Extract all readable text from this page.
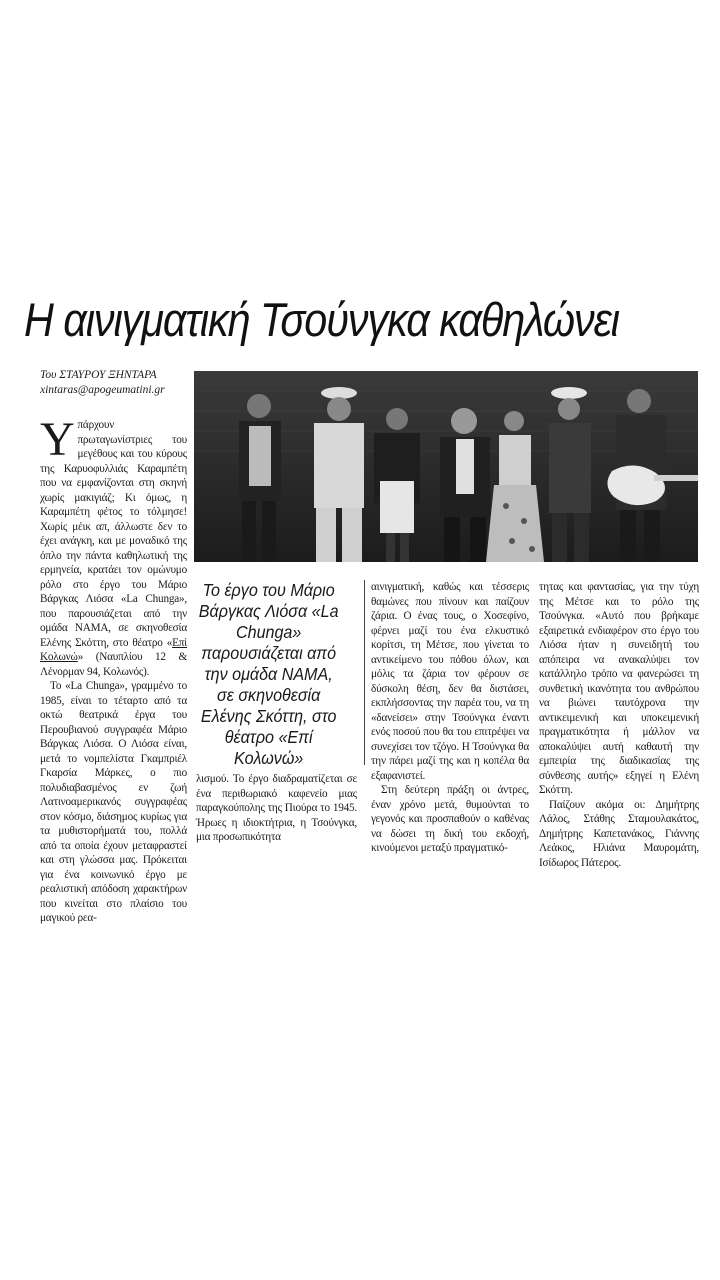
Η αινιγματική Τσούνγκα καθηλώνει
Του ΣΤΑΥΡΟΥ ΞΗΝΤΑΡΑ
xintaras@apogeumatini.gr

Υπάρχουν πρωταγωνίστριες του μεγέθους και του κύρους της Καρυοφυλλιάς Καραμπέτη που να εμφανίζονται στη σκηνή χωρίς μακιγιάζ; Κι όμως, η Καραμπέτη φέτος το τόλμησε! Χωρίς μέικ απ, άλλωστε δεν το έχει ανάγκη, και με μοναδικό της όπλο την πάντα καθηλωτική της ερμηνεία, κρατάει τον ομώνυμο ρόλο στο έργο του Μάριο Βάργκας Λιόσα «La Chunga», που παρουσιάζεται από την ομάδα ΝΑΜΑ, σε σκηνοθεσία Ελένης Σκόττη, στο θέατρο «Επί Κολωνώ» (Ναυπλίου 12 & Λένορμαν 94, Κολωνός).

Το «La Chunga», γραμμένο το 1985, είναι το τέταρτο από τα οκτώ θεατρικά έργα του Περουβιανού συγγραφέα Μάριο Βάργκας Λιόσα. Ο Λιόσα είναι, μετά το νομπελίστα Γκαμπριέλ Γκαρσία Μάρκες, ο πιο πολυδιαβασμένος εν ζωή Λατινοαμερικανός συγγραφέας στον κόσμο, διάσημος κυρίως για τα μυθιστορήματά του, πολλά από τα οποία έχουν μεταφραστεί και στη γλώσσα μας. Πρόκειται για ένα κοινωνικό έργο με ρεαλιστική απόδοση χαρακτήρων που κινείται στο πλαίσιο του μαγικού ρεα-

Το έργο του Μάριο Βάργκας Λιόσα «La Chunga» παρουσιάζεται από την ομάδα ΝΑΜΑ, σε σκηνοθεσία Ελένης Σκόττη, στο θέατρο «Επί Κολωνώ»

λισμού. Το έργο διαδραματίζεται σε ένα περιθωριακό καφενείο μιας παραγκούπολης της Πιούρα το 1945. Ήρωες η ιδιοκτήτρια, η Τσούνγκα, μια προσωπικότητα

αινιγματική, καθώς και τέσσερις θαμώνες που πίνουν και παίζουν ζάρια. Ο ένας τους, ο Χοσεφίνο, φέρνει μαζί του ένα ελκυστικό κορίτσι, τη Μέτσε, που γίνεται το αντικείμενο του πόθου όλων, και μόλις τα ζάρια τον φέρουν σε δύσκολη θέση, δεν θα διστάσει, εκπλήσσοντας την παρέα του, να τη «δανείσει» στην Τσούνγκα έναντι ενός ποσού που θα του επιτρέψει να συνεχίσει τον τζόγο. Η Τσούνγκα θα την πάρει μαζί της και η κοπέλα θα εξαφανιστεί.

Στη δεύτερη πράξη οι άντρες, έναν χρόνο μετά, θυμούνται το γεγονός και προσπαθούν ο καθένας να δώσει τη δική του εκδοχή, κινούμενοι μεταξύ πραγματικό-

τητας και φαντασίας, για την τύχη της Μέτσε και το ρόλο της Τσούνγκα. «Αυτό που βρήκαμε εξαιρετικά ενδιαφέρον στο έργο του Λιόσα ήταν η συνειδητή του απόπειρα να ανακαλύψει τον κατάλληλο τρόπο να φανερώσει τη συνθετική ικανότητα του ανθρώπου να βιώνει ταυτόχρονα την αντικειμενική και υποκειμενική πραγματικότητα ή μάλλον να αποκαλύψει αυτή καθαυτή την εμπειρία της διαδικασίας της σύνθεσης αυτής» εξηγεί η Ελένη Σκόττη.

Παίζουν ακόμα οι: Δημήτρης Λάλος, Στάθης Σταμουλακάτος, Δημήτρης Καπετανάκος, Γιάννης Λεάκος, Ηλιάνα Μαυρομάτη, Ισίδωρος Πάτερος.
